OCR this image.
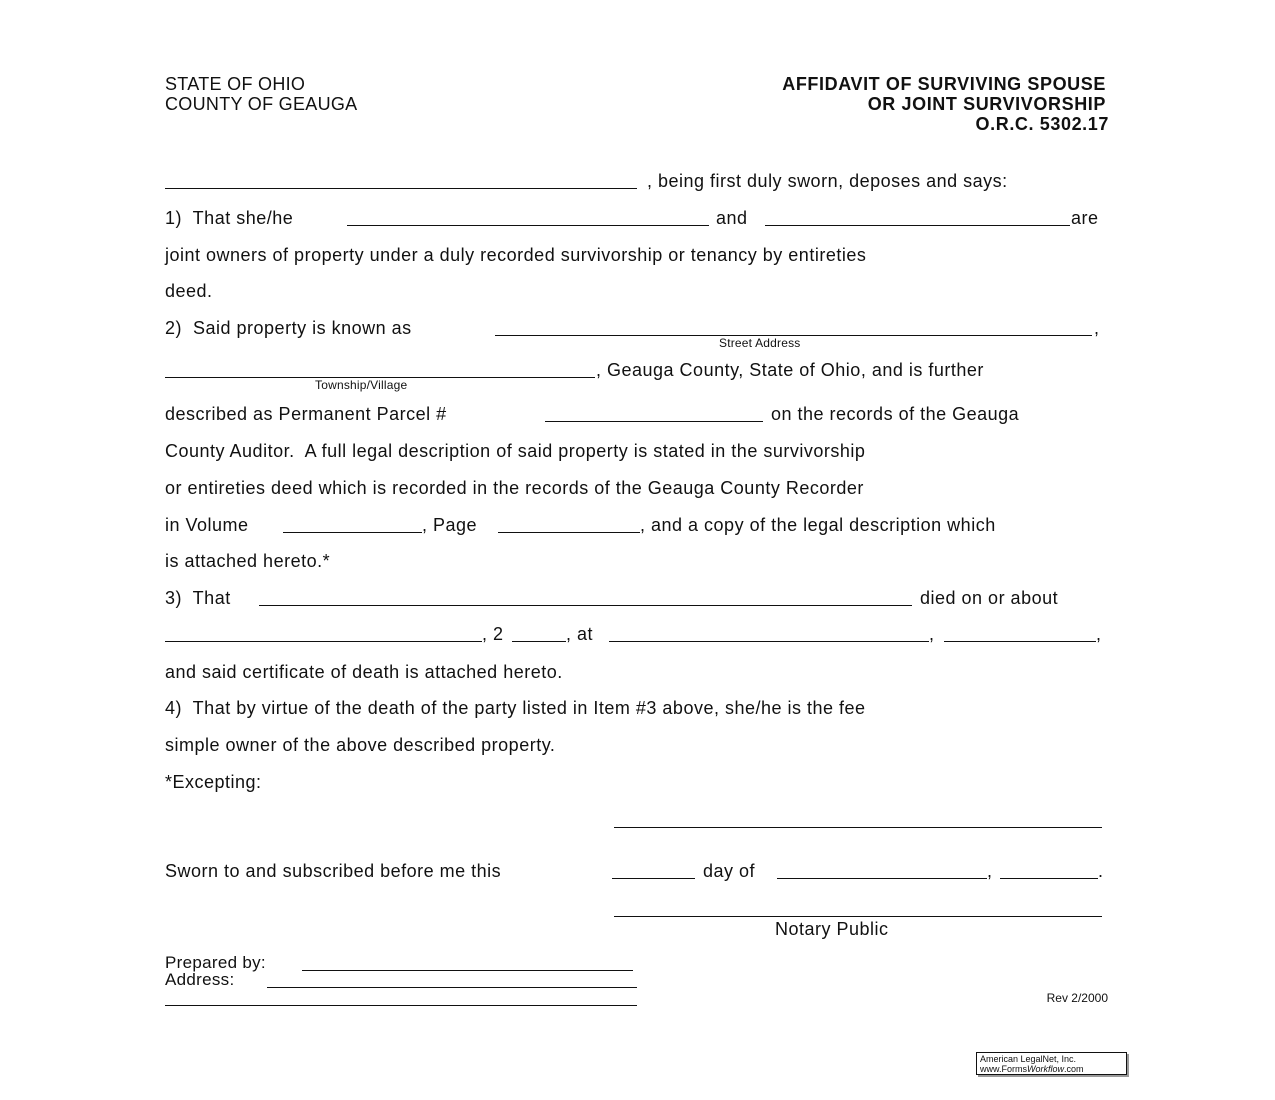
STATE OF OHIO
COUNTY OF GEAUGA
AFFIDAVIT OF SURVIVING SPOUSE
OR JOINT SURVIVORSHIP
O.R.C. 5302.17
, being first duly sworn, deposes and says:
1)  That she/he	and	are
joint owners of property under a duly recorded survivorship or tenancy by entireties
deed.
2)  Said property is known as	,
Street Address
, Geauga County, State of Ohio, and is further
Township/Village
described as Permanent Parcel #	on the records of the Geauga
County Auditor.  A full legal description of said property is stated in the survivorship
or entireties deed which is recorded in the records of the Geauga County Recorder
in Volume	, Page	, and a copy of the legal description which
is attached hereto.*
3)  That	died on or about
, 2	, at	,	,
and said certificate of death is attached hereto.
4)  That by virtue of the death of the party listed in Item #3 above, she/he is the fee
simple owner of the above described property.
*Excepting:
Sworn to and subscribed before me this	day of	,	.
Notary Public
Prepared by:
Address:
Rev 2/2000
American LegalNet, Inc.
www.FormsWorkflow.com
